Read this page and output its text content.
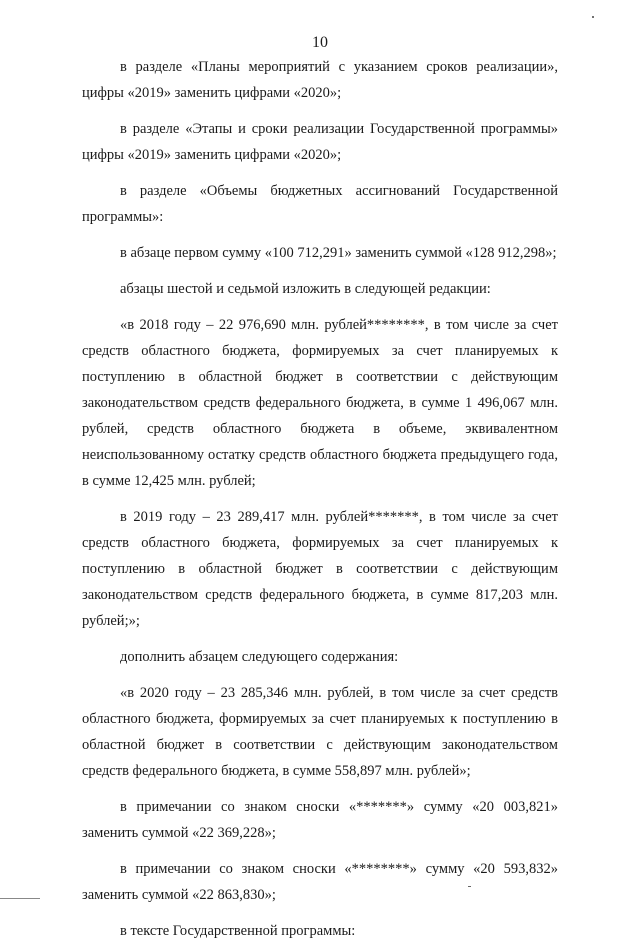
10

в разделе «Планы мероприятий с указанием сроков реализации», цифры «2019» заменить цифрами «2020»;

в разделе «Этапы и сроки реализации Государственной программы» цифры «2019» заменить цифрами «2020»;

в разделе «Объемы бюджетных ассигнований Государственной программы»:

в абзаце первом сумму «100 712,291» заменить суммой «128 912,298»;

абзацы шестой и седьмой изложить в следующей редакции:

«в 2018 году – 22 976,690 млн. рублей********, в том числе за счет средств областного бюджета, формируемых за счет планируемых к поступлению в областной бюджет в соответствии с действующим законодательством средств федерального бюджета, в сумме 1 496,067 млн. рублей, средств областного бюджета в объеме, эквивалентном неиспользованному остатку средств областного бюджета предыдущего года, в сумме 12,425 млн. рублей;

в 2019 году – 23 289,417 млн. рублей*******, в том числе за счет средств областного бюджета, формируемых за счет планируемых к поступлению в областной бюджет в соответствии с действующим законодательством средств федерального бюджета, в сумме 817,203 млн. рублей;»;

дополнить абзацем следующего содержания:

«в 2020 году – 23 285,346 млн. рублей, в том числе за счет средств областного бюджета, формируемых за счет планируемых к поступлению в областной бюджет в соответствии с действующим законодательством средств федерального бюджета, в сумме 558,897 млн. рублей»;

в примечании со знаком сноски «*******» сумму «20 003,821» заменить суммой «22 369,228»;

в примечании со знаком сноски «********» сумму «20 593,832» заменить суммой «22 863,830»;

в тексте Государственной программы:
